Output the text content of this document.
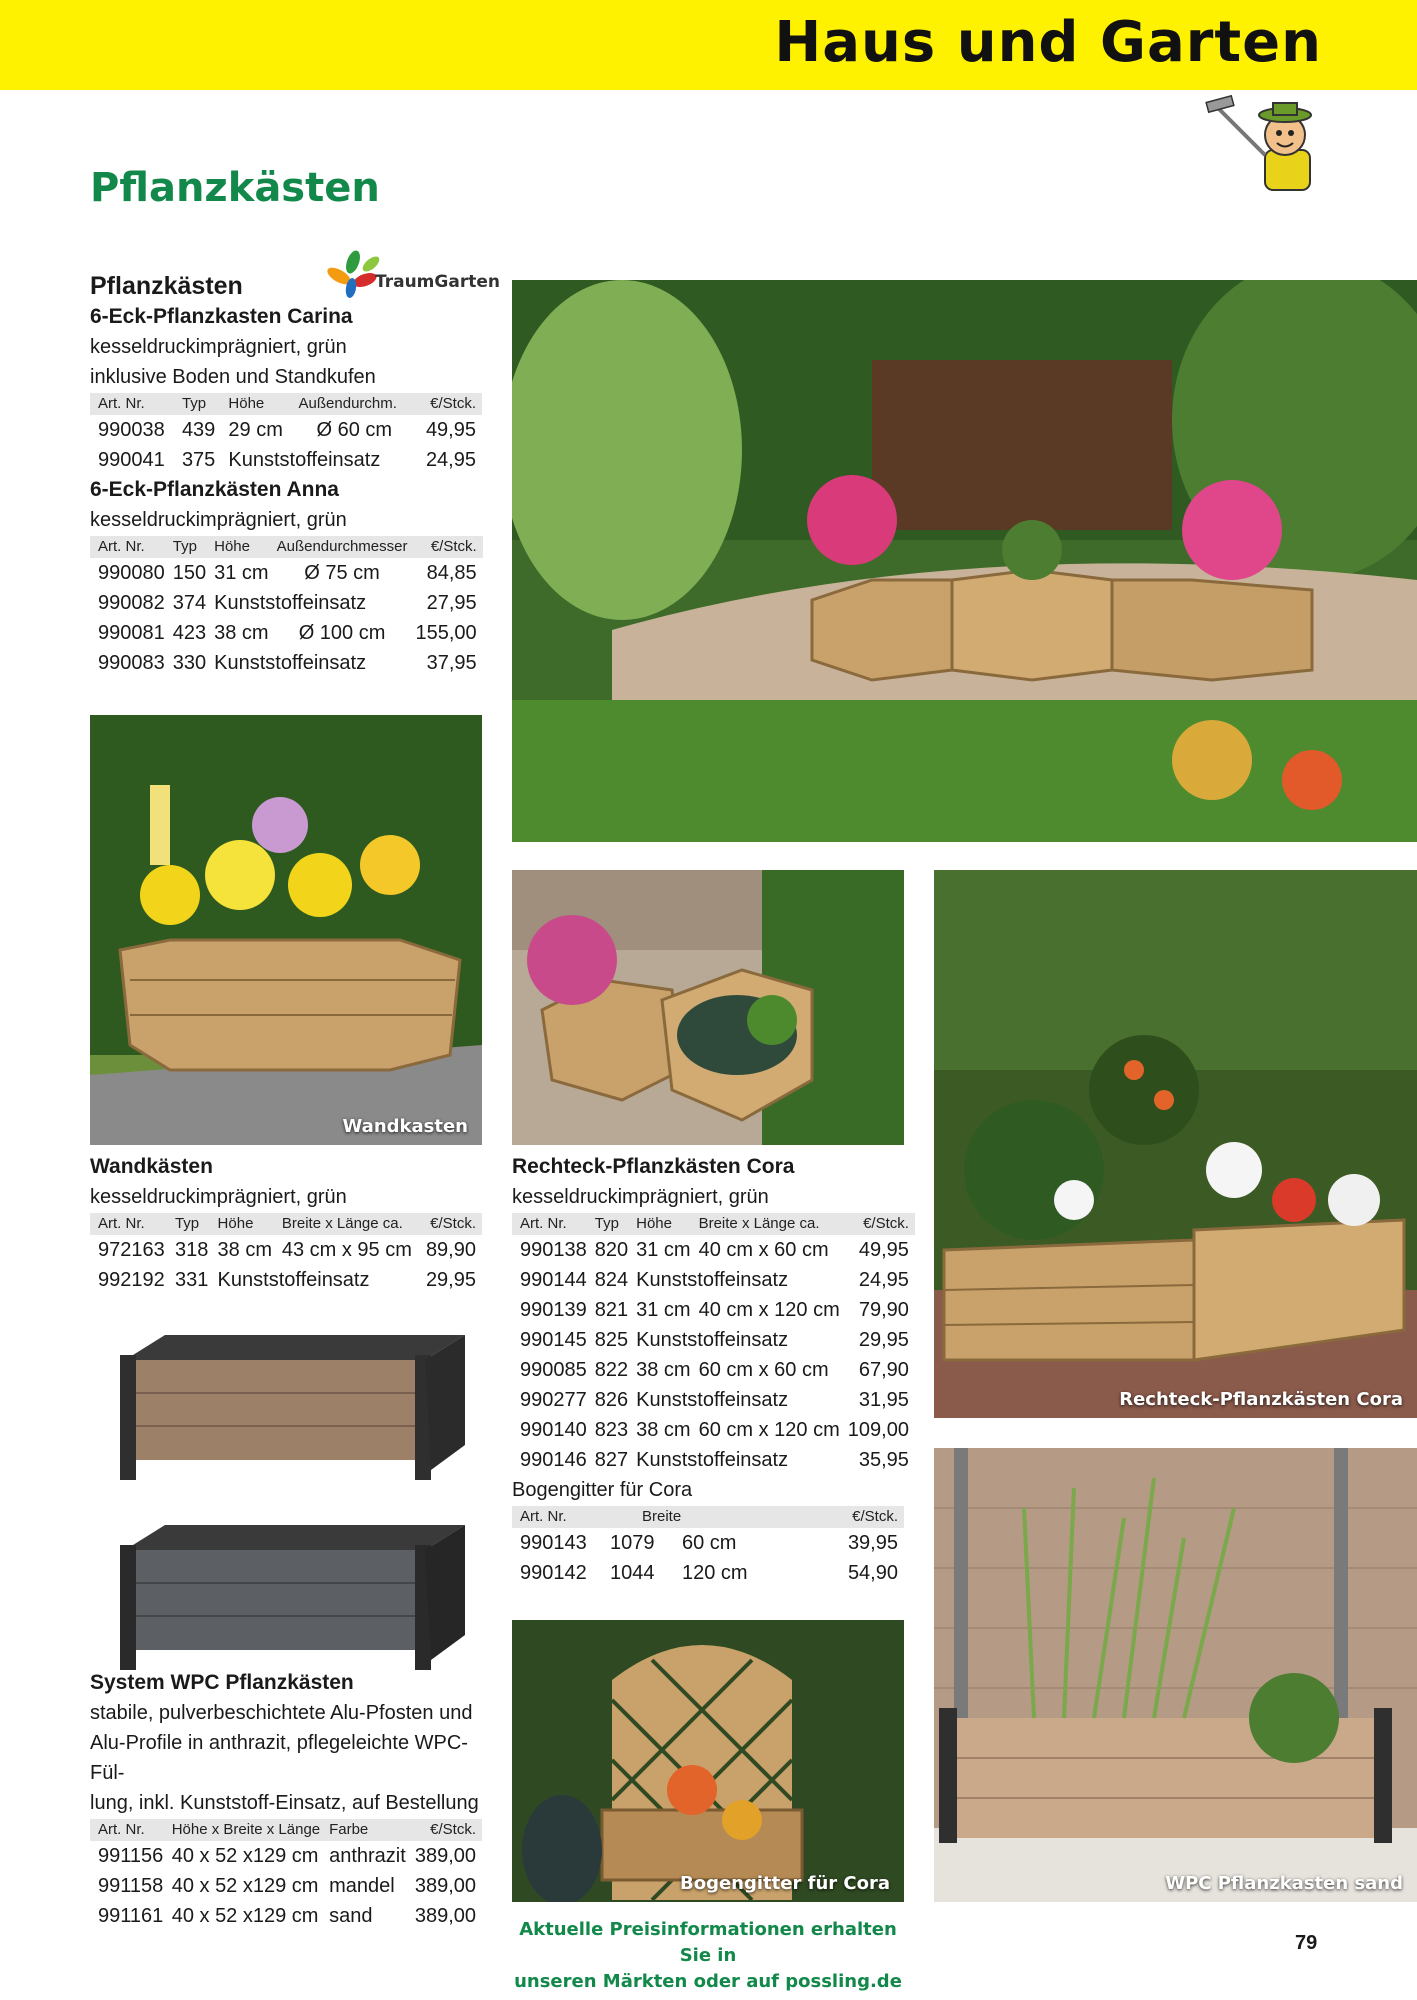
Haus und Garten
Pflanzkästen
TraumGarten
Pflanzkästen
6-Eck-Pflanzkasten Carina
kesseldruckimprägniert, grün
inklusive Boden und Standkufen
Art. Nr.	Typ	Höhe	Außendurchm.	€/Stck.
990038	439	29 cm	Ø 60 cm	49,95
990041	375	Kunststoffeinsatz		24,95
6-Eck-Pflanzkästen Anna
kesseldruckimprägniert, grün
Art. Nr.	Typ	Höhe	Außendurchmesser	€/Stck.
990080	150	31 cm	Ø 75 cm	84,85
990082	374	Kunststoffeinsatz		27,95
990081	423	38 cm	Ø 100 cm	155,00
990083	330	Kunststoffeinsatz		37,95
Wandkasten
Wandkästen
kesseldruckimprägniert, grün
Art. Nr.	Typ	Höhe	Breite x Länge ca.	€/Stck.
972163	318	38 cm	43 cm x 95 cm	89,90
992192	331	Kunststoffeinsatz		29,95
System WPC Pflanzkästen
stabile, pulverbeschichtete Alu-Pfosten und
Alu-Profile in anthrazit, pflegeleichte WPC-Fül-
lung, inkl. Kunststoff-Einsatz, auf Bestellung
Art. Nr.	Höhe x Breite x Länge	Farbe	€/Stck.
991156	40 x 52 x129 cm	anthrazit	389,00
991158	40 x 52 x129 cm	mandel	389,00
991161	40 x 52 x129 cm	sand	389,00
Rechteck-Pflanzkästen Cora
kesseldruckimprägniert, grün
Art. Nr.	Typ	Höhe	Breite x Länge ca.	€/Stck.
990138	820	31 cm	40 cm x 60 cm	49,95
990144	824	Kunststoffeinsatz		24,95
990139	821	31 cm	40 cm x 120 cm	79,90
990145	825	Kunststoffeinsatz		29,95
990085	822	38 cm	60 cm x 60 cm	67,90
990277	826	Kunststoffeinsatz		31,95
990140	823	38 cm	60 cm x 120 cm	109,00
990146	827	Kunststoffeinsatz		35,95
Bogengitter für Cora
Art. Nr.	Breite		€/Stck.
990143	1079	60 cm	39,95
990142	1044	120 cm	54,90
Bogengitter für Cora
Rechteck-Pflanzkästen Cora
WPC Pflanzkasten sand
Aktuelle Preisinformationen erhalten Sie in
unseren Märkten oder auf possling.de
79
